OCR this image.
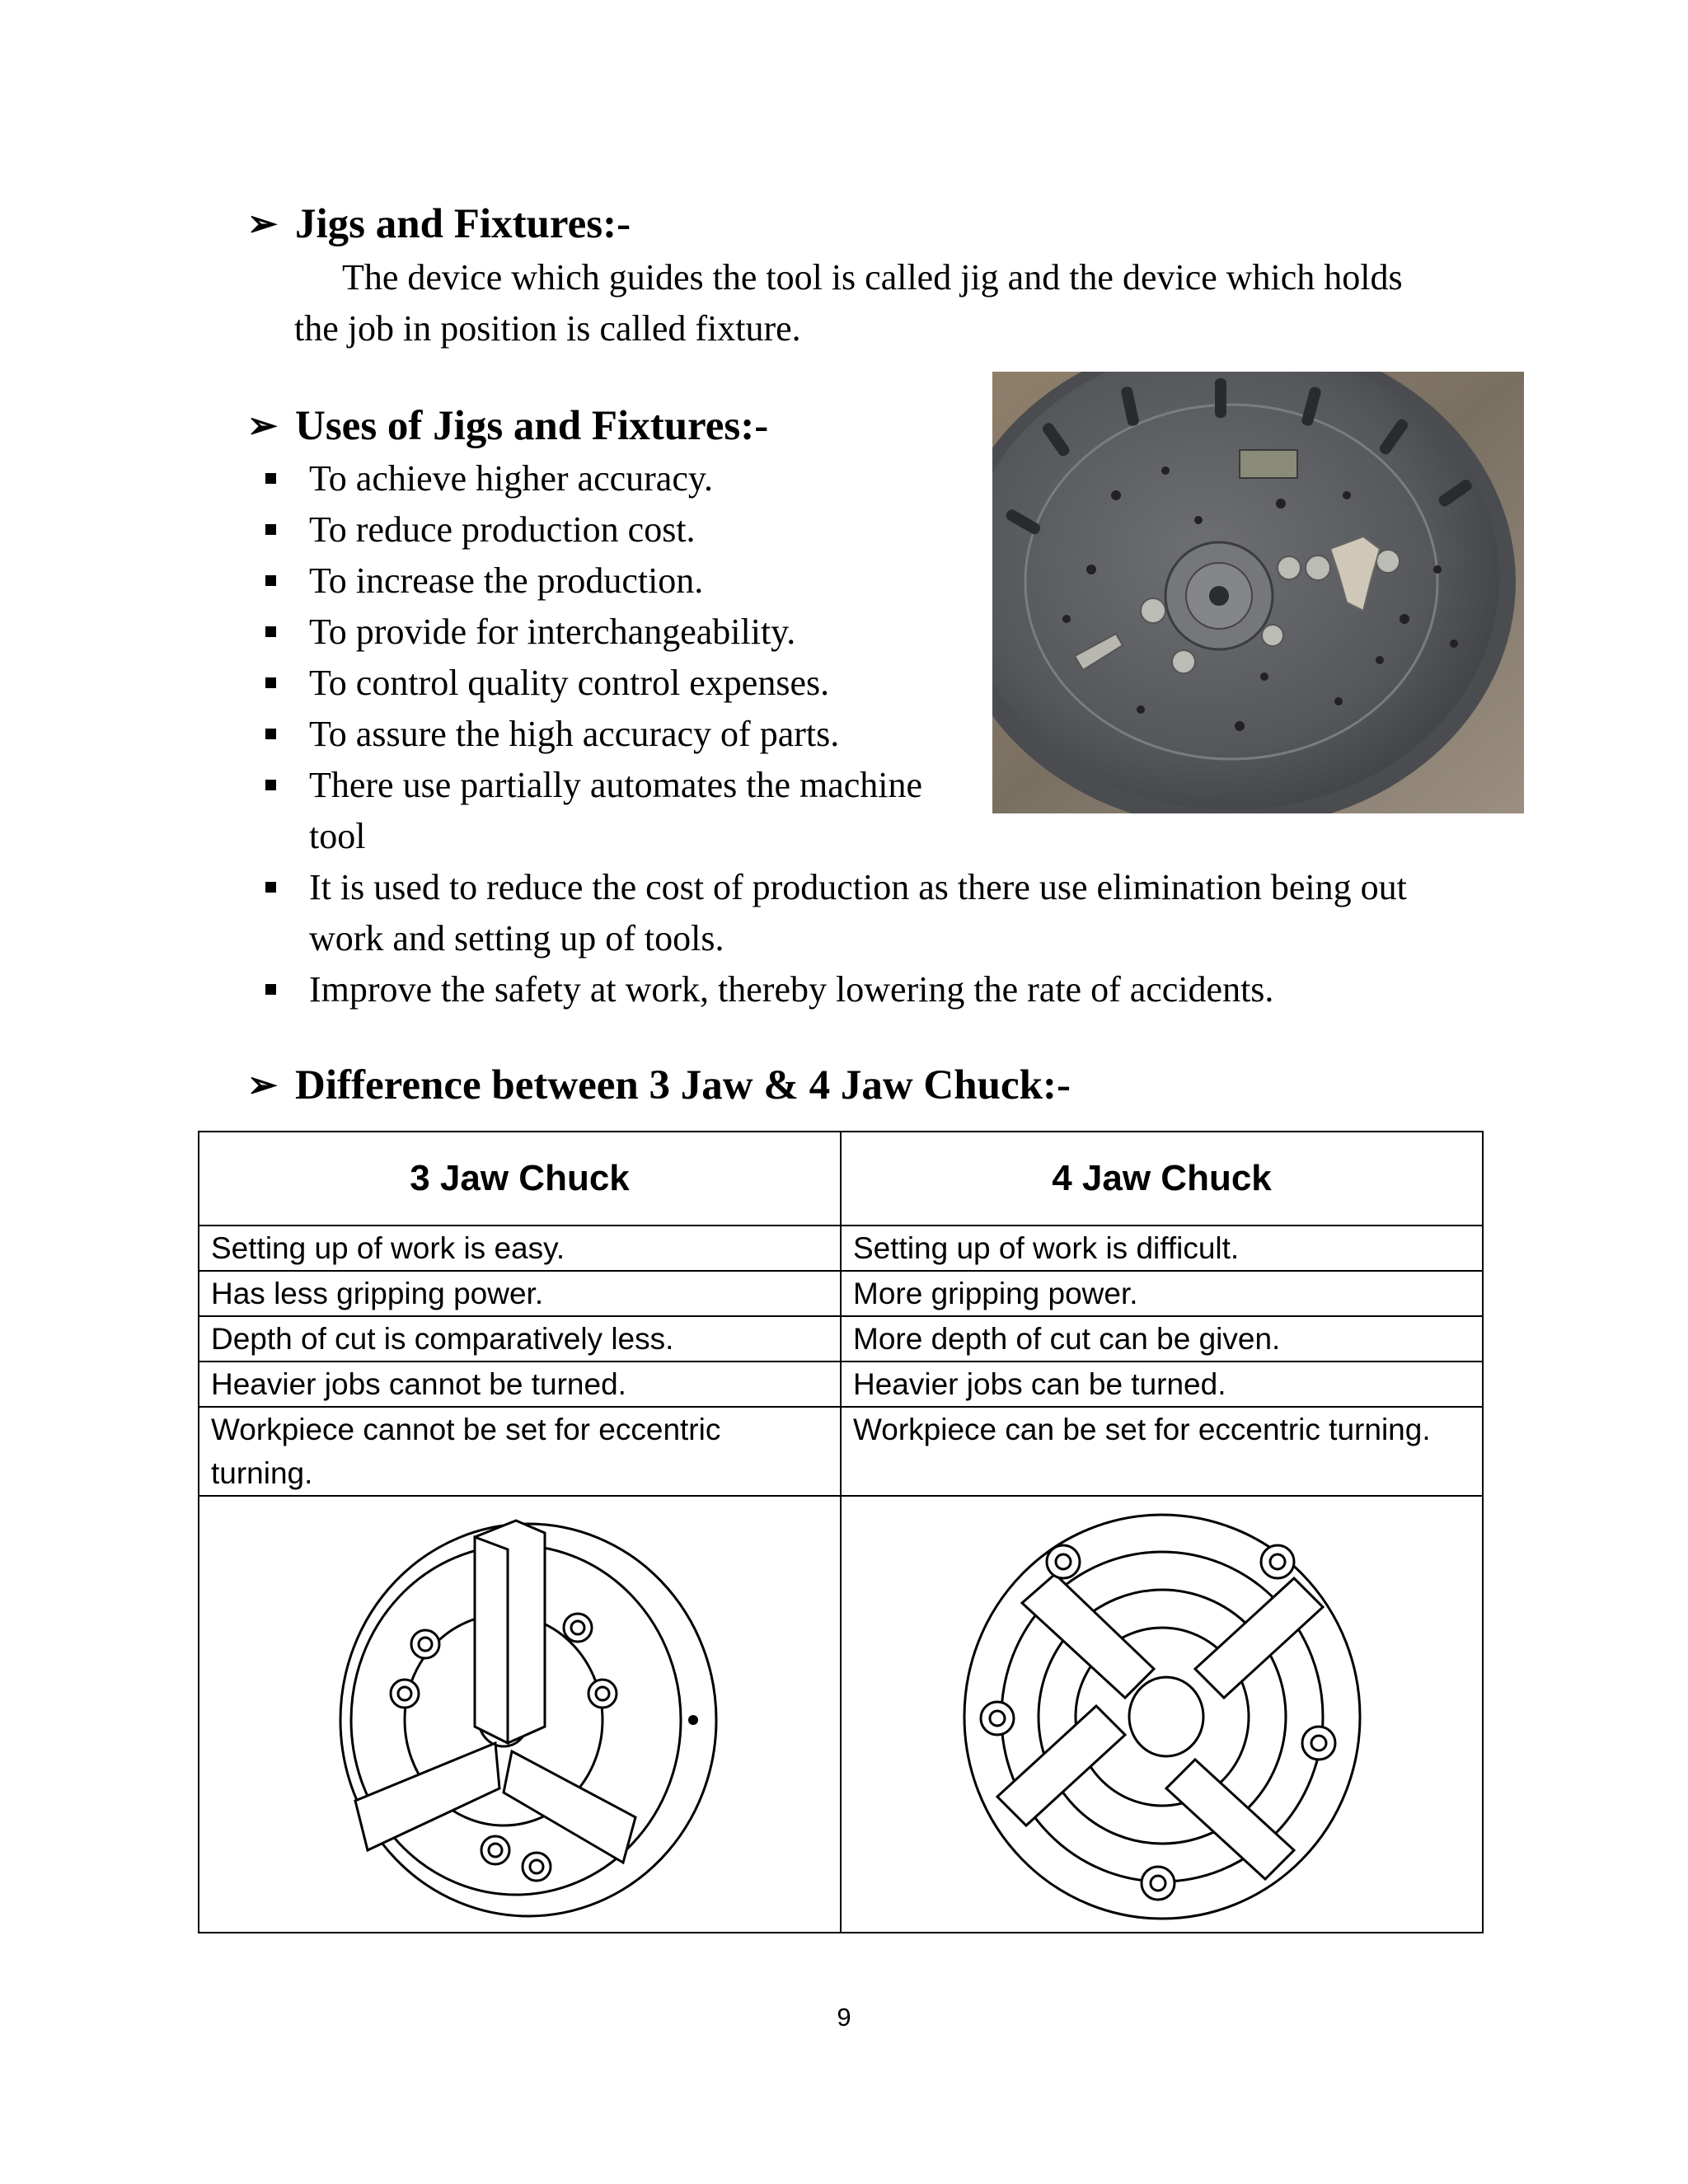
➢ Jigs and Fixtures:-
The device which guides the tool is called jig and the device which holds
the job in position is called fixture.
➢ Uses of Jigs and Fixtures:-
To achieve higher accuracy.
To reduce production cost.
To increase the production.
To provide for interchangeability.
To control quality control expenses.
To assure the high accuracy of parts.
There use partially automates the machine
tool
It is used to reduce the cost of production as there use elimination being out
work and setting up of tools.
Improve the safety at work, thereby lowering the rate of accidents.
➢ Difference between 3 Jaw & 4 Jaw Chuck:-
3 Jaw Chuck	4 Jaw Chuck
Setting up of work is easy.	Setting up of work is difficult.
Has less gripping power.	More gripping power.
Depth of cut is comparatively less.	More depth of cut can be given.
Heavier jobs cannot be turned.	Heavier jobs can be turned.
Workpiece cannot be set for eccentric turning.	Workpiece can be set for eccentric turning.

9
